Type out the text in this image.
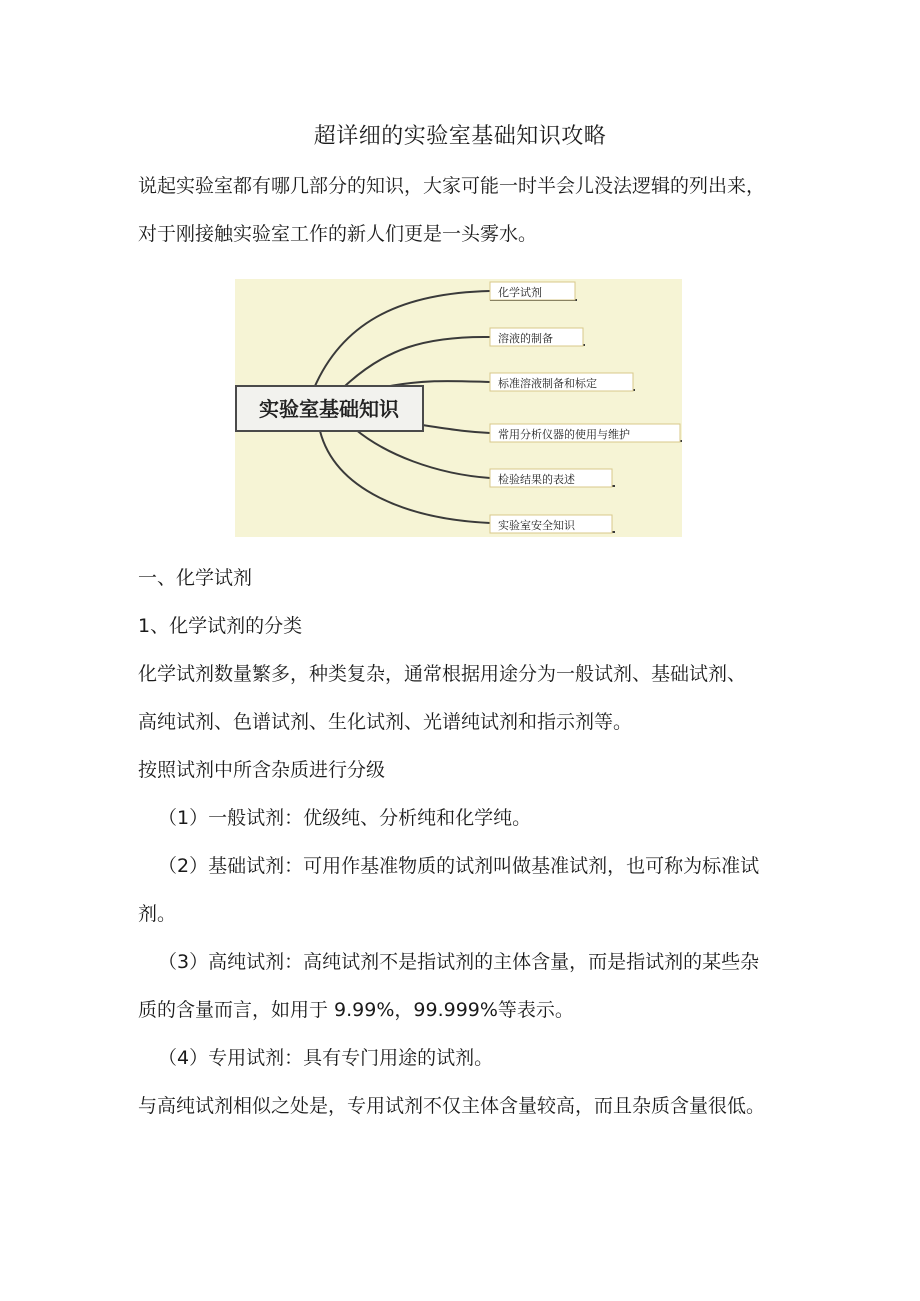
超详细的实验室基础知识攻略
说起实验室都有哪几部分的知识，大家可能一时半会儿没法逻辑的列出来，
对于刚接触实验室工作的新人们更是一头雾水。
化学试剂
溶液的制备
标准溶液制备和标定
常用分析仪器的使用与维护
检验结果的表述
实验室安全知识
实验室基础知识
一、化学试剂
1、化学试剂的分类
化学试剂数量繁多，种类复杂，通常根据用途分为一般试剂、基础试剂、
高纯试剂、色谱试剂、生化试剂、光谱纯试剂和指示剂等。
按照试剂中所含杂质进行分级
（1）一般试剂：优级纯、分析纯和化学纯。
（2）基础试剂：可用作基准物质的试剂叫做基准试剂，也可称为标准试
剂。
（3）高纯试剂：高纯试剂不是指试剂的主体含量，而是指试剂的某些杂
质的含量而言，如用于 9.99%，99.999%等表示。
（4）专用试剂：具有专门用途的试剂。
与高纯试剂相似之处是，专用试剂不仅主体含量较高，而且杂质含量很低。
